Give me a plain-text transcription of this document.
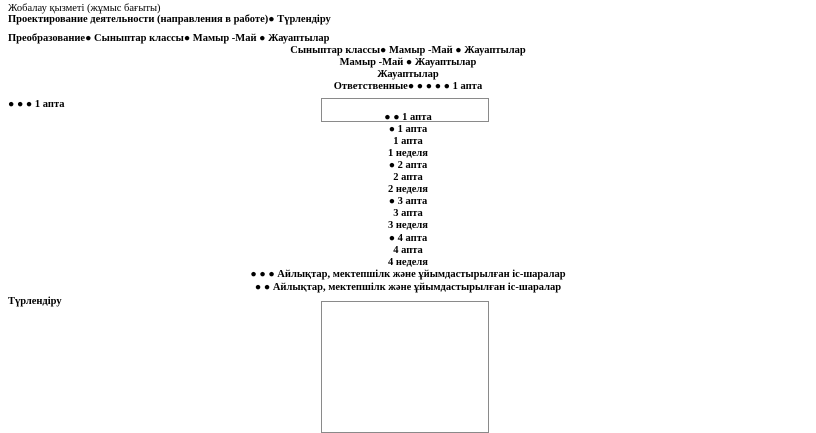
Жобалау қызметі (жұмыс бағыты)
Проектирование деятельности (направления в работе)● Түрлендіру
Преобразование● Сыныптар классы● Мамыр -Май ● Жауаптылар
Сыныптар классы● Мамыр -Май ● Жауаптылар
Мамыр -Май ● Жауаптылар
Жауаптылар
Ответственные● ● ● ● ● 1 апта
● ● ● 1 апта
● ● 1 апта
● 1 апта
1 апта
1 неделя
● 2 апта
2 апта
2 неделя
● 3 апта
3 апта
3 неделя
● 4 апта
4 апта
4 неделя
● ● ● Айлықтар, мектепшілк және ұйымдастырылған іс-шаралар
● ● Айлықтар, мектепшілк және ұйымдастырылған іс-шаралар
Түрлендіру
